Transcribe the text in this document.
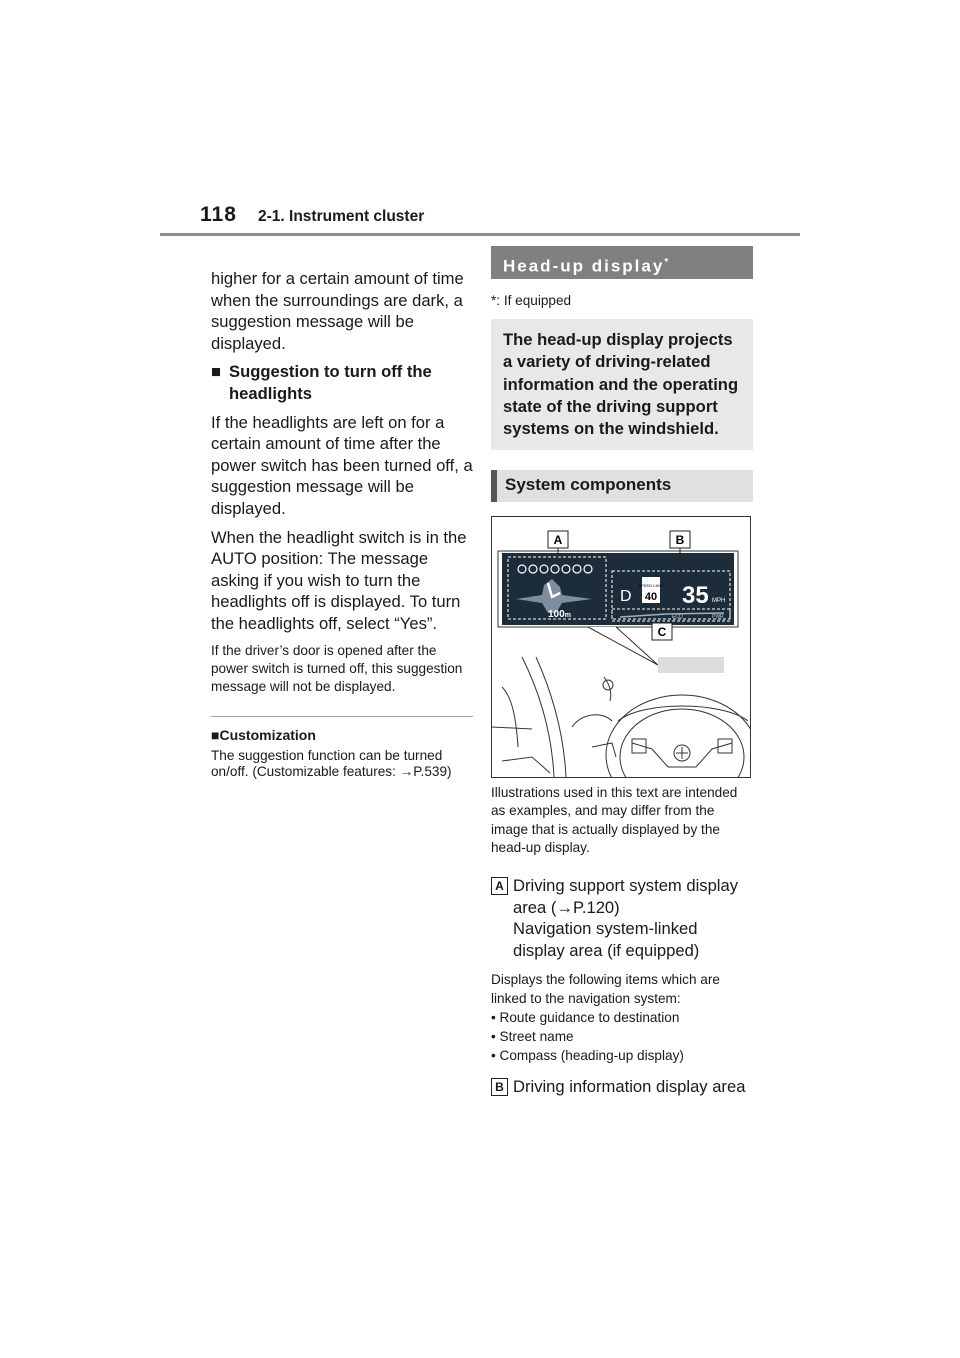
118 2-1. Instrument cluster

higher for a certain amount of time when the surroundings are dark, a suggestion message will be displayed.

■ Suggestion to turn off the headlights

If the headlights are left on for a certain amount of time after the power switch has been turned off, a suggestion message will be displayed.

When the headlight switch is in the AUTO position: The message asking if you wish to turn the headlights off is displayed. To turn the headlights off, select “Yes”.

If the driver’s door is opened after the power switch is turned off, this suggestion message will not be displayed.

■Customization

The suggestion function can be turned on/off. (Customizable features: →P.539)

Head-up display*

*: If equipped

The head-up display projects a variety of driving-related information and the operating state of the driving support systems on the windshield.
System components
100m
D
SPEED LIMIT
40 35 MPH
ECO	PWR
A	B
C

Illustrations used in this text are intended as examples, and may differ from the image that is actually displayed by the head-up display.

A Driving support system display area (→P.120)

Navigation system-linked display area (if equipped)

Displays the following items which are linked to the navigation system:

• Route guidance to destination
• Street name
• Compass (heading-up display)
B Driving information display area
